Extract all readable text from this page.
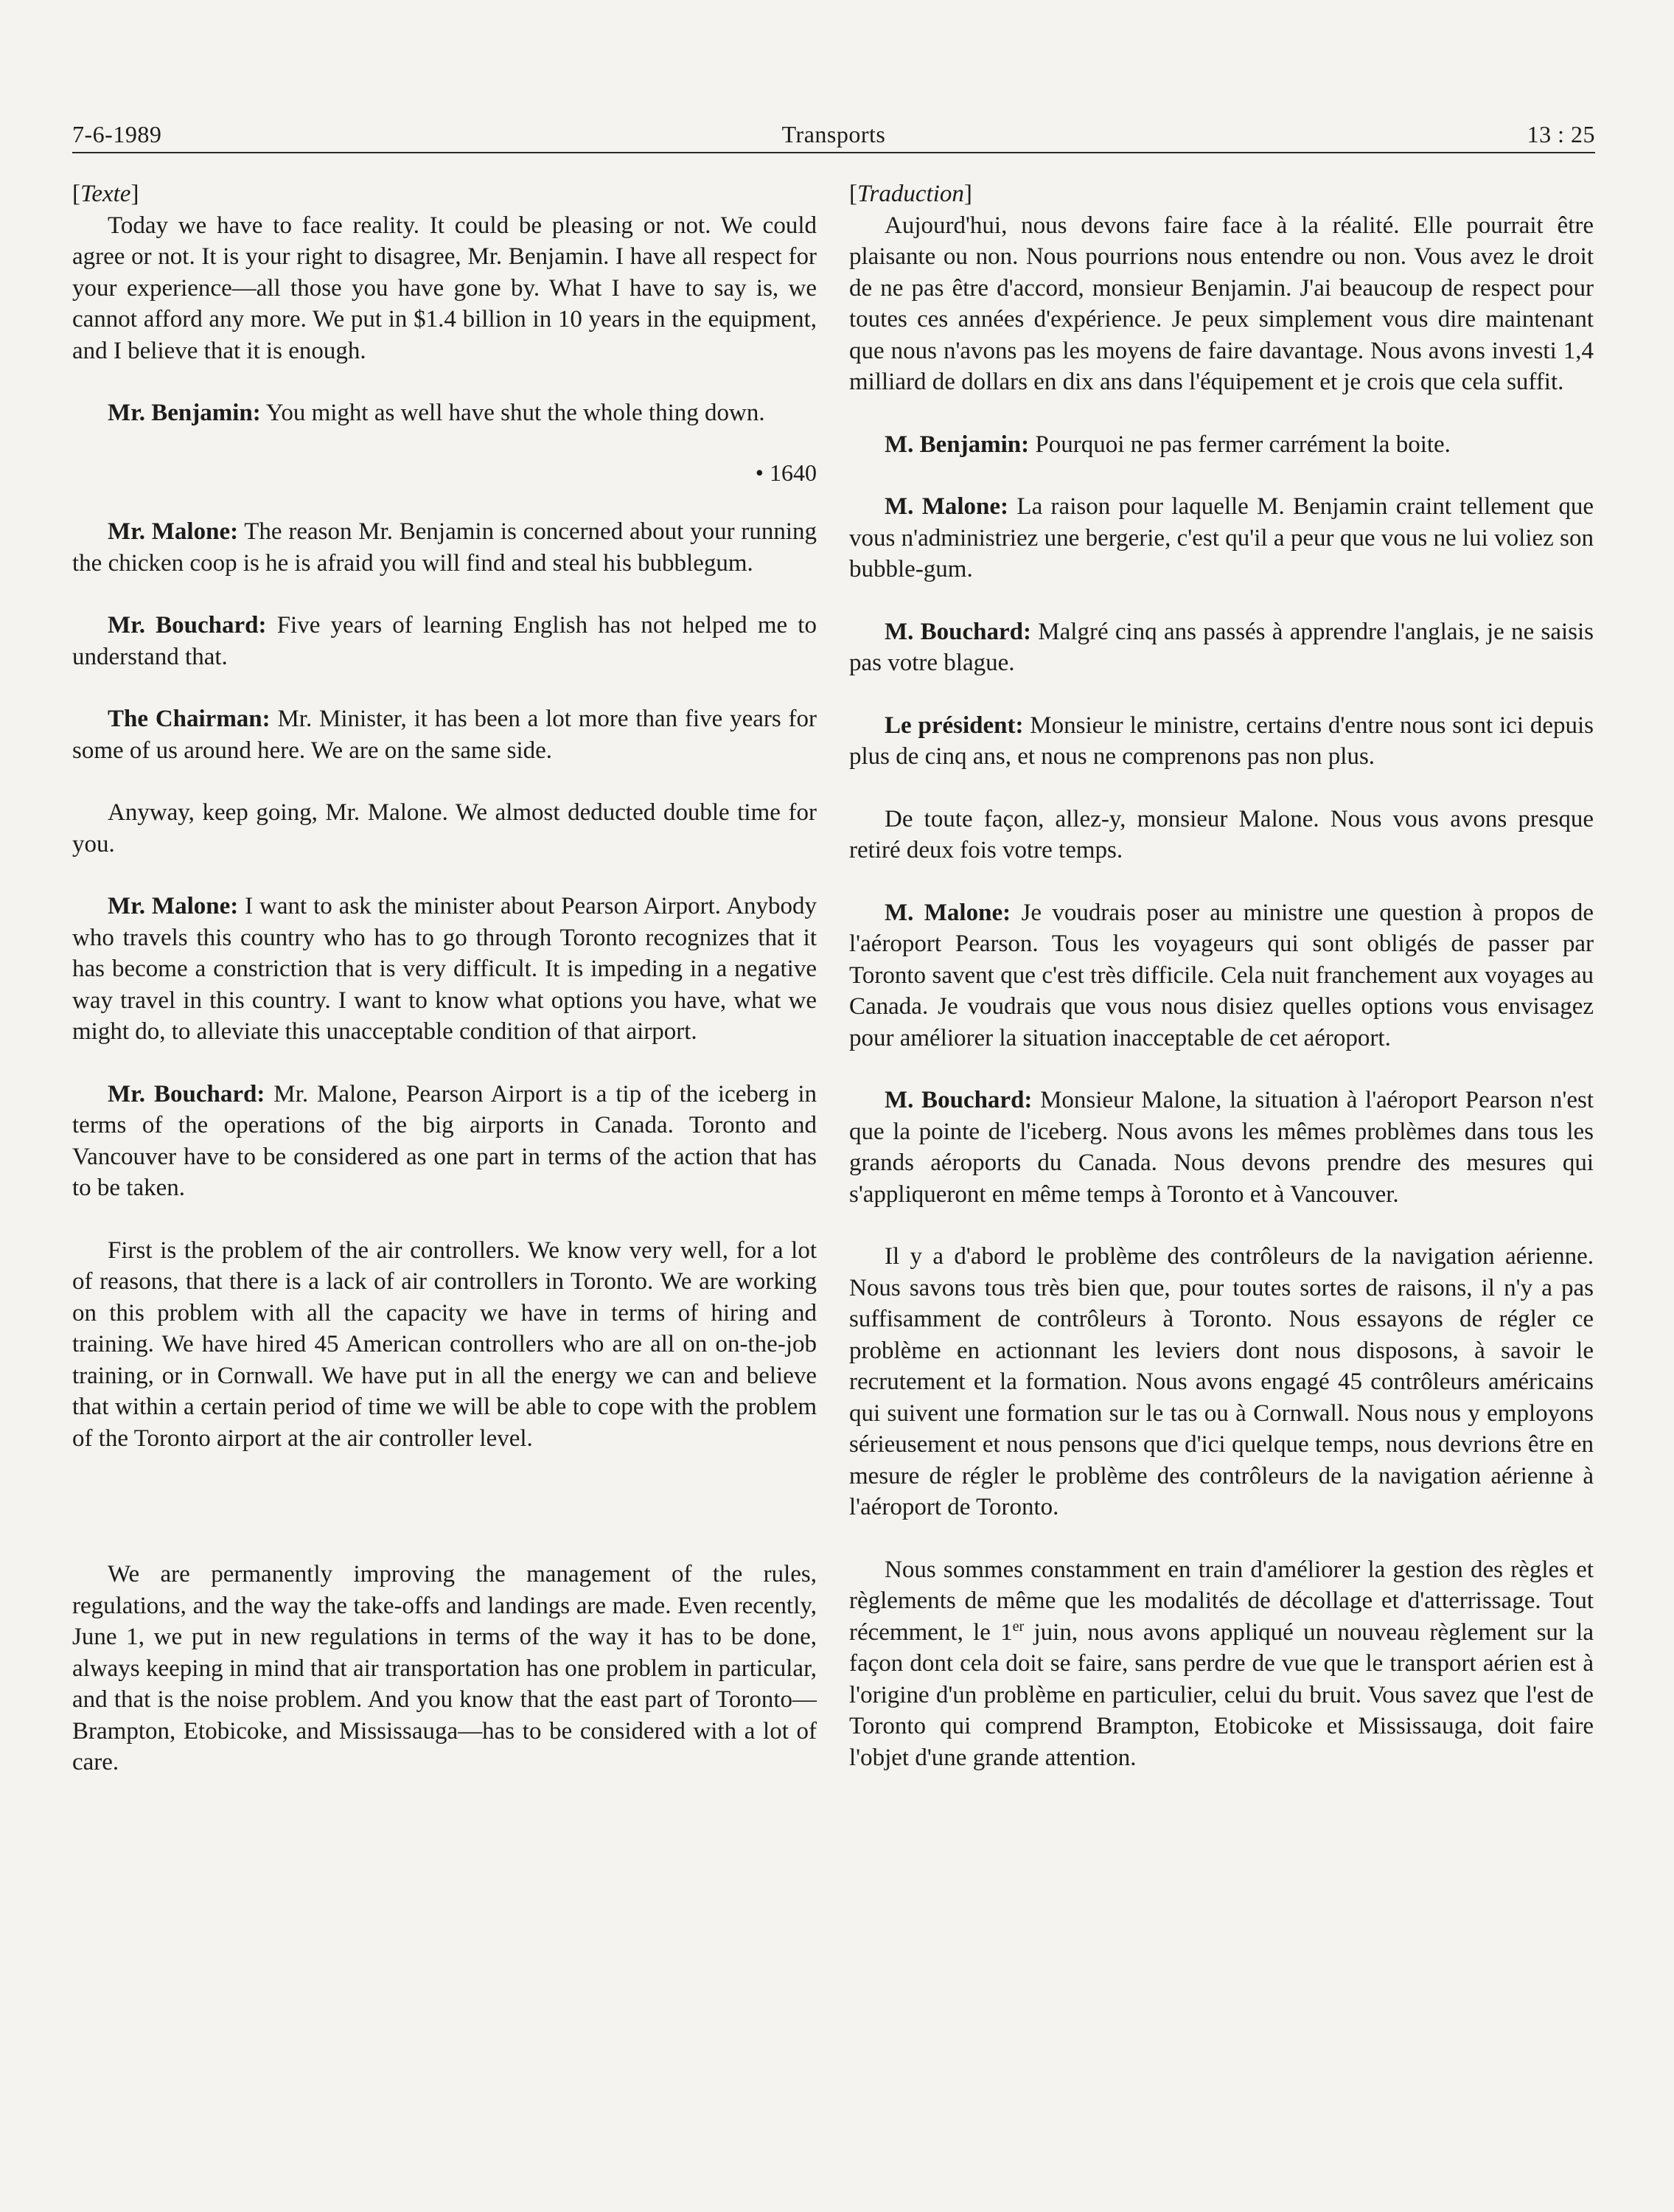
7-6-1989	Transports	13 : 25

[Texte]

Today we have to face reality. It could be pleasing or not. We could agree or not. It is your right to disagree, Mr. Benjamin. I have all respect for your experience—all those you have gone by. What I have to say is, we cannot afford any more. We put in $1.4 billion in 10 years in the equipment, and I believe that it is enough.

Mr. Benjamin: You might as well have shut the whole thing down.

• 1640

Mr. Malone: The reason Mr. Benjamin is concerned about your running the chicken coop is he is afraid you will find and steal his bubblegum.

Mr. Bouchard: Five years of learning English has not helped me to understand that.

The Chairman: Mr. Minister, it has been a lot more than five years for some of us around here. We are on the same side.

Anyway, keep going, Mr. Malone. We almost deducted double time for you.

Mr. Malone: I want to ask the minister about Pearson Airport. Anybody who travels this country who has to go through Toronto recognizes that it has become a constriction that is very difficult. It is impeding in a negative way travel in this country. I want to know what options you have, what we might do, to alleviate this unacceptable condition of that airport.

Mr. Bouchard: Mr. Malone, Pearson Airport is a tip of the iceberg in terms of the operations of the big airports in Canada. Toronto and Vancouver have to be considered as one part in terms of the action that has to be taken.

First is the problem of the air controllers. We know very well, for a lot of reasons, that there is a lack of air controllers in Toronto. We are working on this problem with all the capacity we have in terms of hiring and training. We have hired 45 American controllers who are all on on-the-job training, or in Cornwall. We have put in all the energy we can and believe that within a certain period of time we will be able to cope with the problem of the Toronto airport at the air controller level.

We are permanently improving the management of the rules, regulations, and the way the take-offs and landings are made. Even recently, June 1, we put in new regulations in terms of the way it has to be done, always keeping in mind that air transportation has one problem in particular, and that is the noise problem. And you know that the east part of Toronto—Brampton, Etobicoke, and Mississauga—has to be considered with a lot of care.

[Traduction]

Aujourd'hui, nous devons faire face à la réalité. Elle pourrait être plaisante ou non. Nous pourrions nous entendre ou non. Vous avez le droit de ne pas être d'accord, monsieur Benjamin. J'ai beaucoup de respect pour toutes ces années d'expérience. Je peux simplement vous dire maintenant que nous n'avons pas les moyens de faire davantage. Nous avons investi 1,4 milliard de dollars en dix ans dans l'équipement et je crois que cela suffit.

M. Benjamin: Pourquoi ne pas fermer carrément la boite.

M. Malone: La raison pour laquelle M. Benjamin craint tellement que vous n'administriez une bergerie, c'est qu'il a peur que vous ne lui voliez son bubble-gum.

M. Bouchard: Malgré cinq ans passés à apprendre l'anglais, je ne saisis pas votre blague.

Le président: Monsieur le ministre, certains d'entre nous sont ici depuis plus de cinq ans, et nous ne comprenons pas non plus.

De toute façon, allez-y, monsieur Malone. Nous vous avons presque retiré deux fois votre temps.

M. Malone: Je voudrais poser au ministre une question à propos de l'aéroport Pearson. Tous les voyageurs qui sont obligés de passer par Toronto savent que c'est très difficile. Cela nuit franchement aux voyages au Canada. Je voudrais que vous nous disiez quelles options vous envisagez pour améliorer la situation inacceptable de cet aéroport.

M. Bouchard: Monsieur Malone, la situation à l'aéroport Pearson n'est que la pointe de l'iceberg. Nous avons les mêmes problèmes dans tous les grands aéroports du Canada. Nous devons prendre des mesures qui s'appliqueront en même temps à Toronto et à Vancouver.

Il y a d'abord le problème des contrôleurs de la navigation aérienne. Nous savons tous très bien que, pour toutes sortes de raisons, il n'y a pas suffisamment de contrôleurs à Toronto. Nous essayons de régler ce problème en actionnant les leviers dont nous disposons, à savoir le recrutement et la formation. Nous avons engagé 45 contrôleurs américains qui suivent une formation sur le tas ou à Cornwall. Nous nous y employons sérieusement et nous pensons que d'ici quelque temps, nous devrions être en mesure de régler le problème des contrôleurs de la navigation aérienne à l'aéroport de Toronto.

Nous sommes constamment en train d'améliorer la gestion des règles et règlements de même que les modalités de décollage et d'atterrissage. Tout récemment, le 1er juin, nous avons appliqué un nouveau règlement sur la façon dont cela doit se faire, sans perdre de vue que le transport aérien est à l'origine d'un problème en particulier, celui du bruit. Vous savez que l'est de Toronto qui comprend Brampton, Etobicoke et Mississauga, doit faire l'objet d'une grande attention.
